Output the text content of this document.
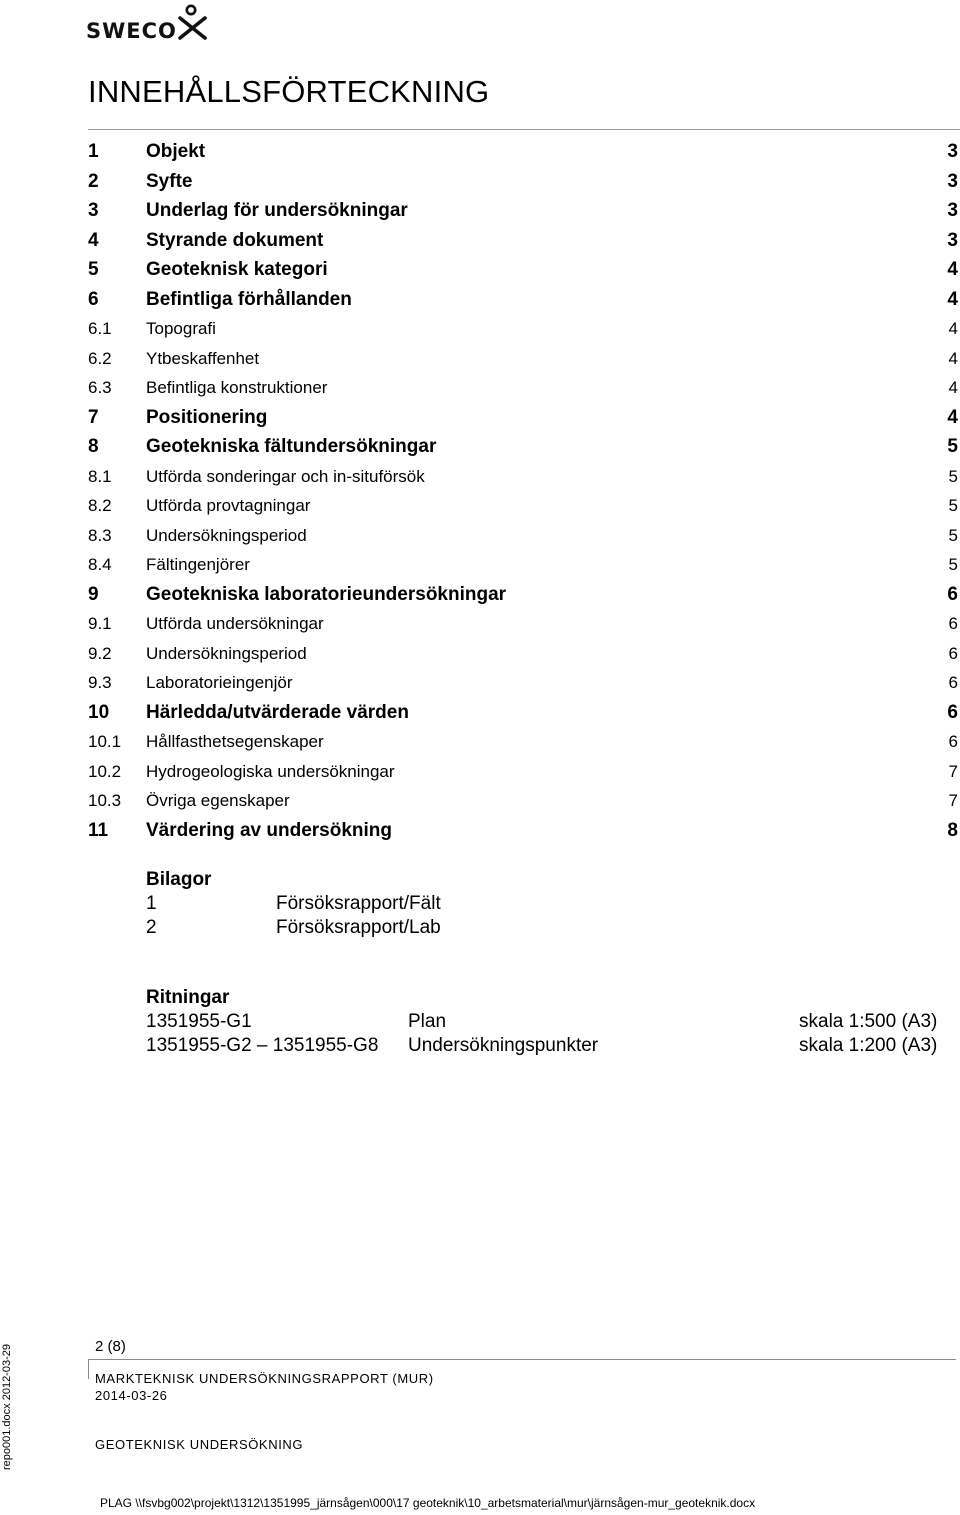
SWECO
INNEHÅLLSFÖRTECKNING
1 Objekt	3
2 Syfte	3
3 Underlag för undersökningar	3
4 Styrande dokument	3
5 Geoteknisk kategori	4
6 Befintliga förhållanden	4
6.1 Topografi	4
6.2 Ytbeskaffenhet	4
6.3 Befintliga konstruktioner	4
7 Positionering	4
8 Geotekniska fältundersökningar	5
8.1 Utförda sonderingar och in-situförsök	5
8.2 Utförda provtagningar	5
8.3 Undersökningsperiod	5
8.4 Fältingenjörer	5
9 Geotekniska laboratorieundersökningar	6
9.1 Utförda undersökningar	6
9.2 Undersökningsperiod	6
9.3 Laboratorieingenjör	6
10 Härledda/utvärderade värden	6
10.1 Hållfasthetsegenskaper	6
10.2 Hydrogeologiska undersökningar	7
10.3 Övriga egenskaper	7
11 Värdering av undersökning	8
Bilagor
1	Försöksrapport/Fält
2	Försöksrapport/Lab
Ritningar
1351955-G1	Plan	skala 1:500 (A3)
1351955-G2 – 1351955-G8 Undersökningspunkter	skala 1:200 (A3)
2 (8)
MARKTEKNISK UNDERSÖKNINGSRAPPORT (MUR)
2014-03-26
GEOTEKNISK UNDERSÖKNING
PLAG \\fsvbg002\projekt\1312\1351995_järnsågen\000\17 geoteknik\10_arbetsmaterial\mur\järnsågen-mur_geoteknik.docx
repo001.docx 2012-03-29
